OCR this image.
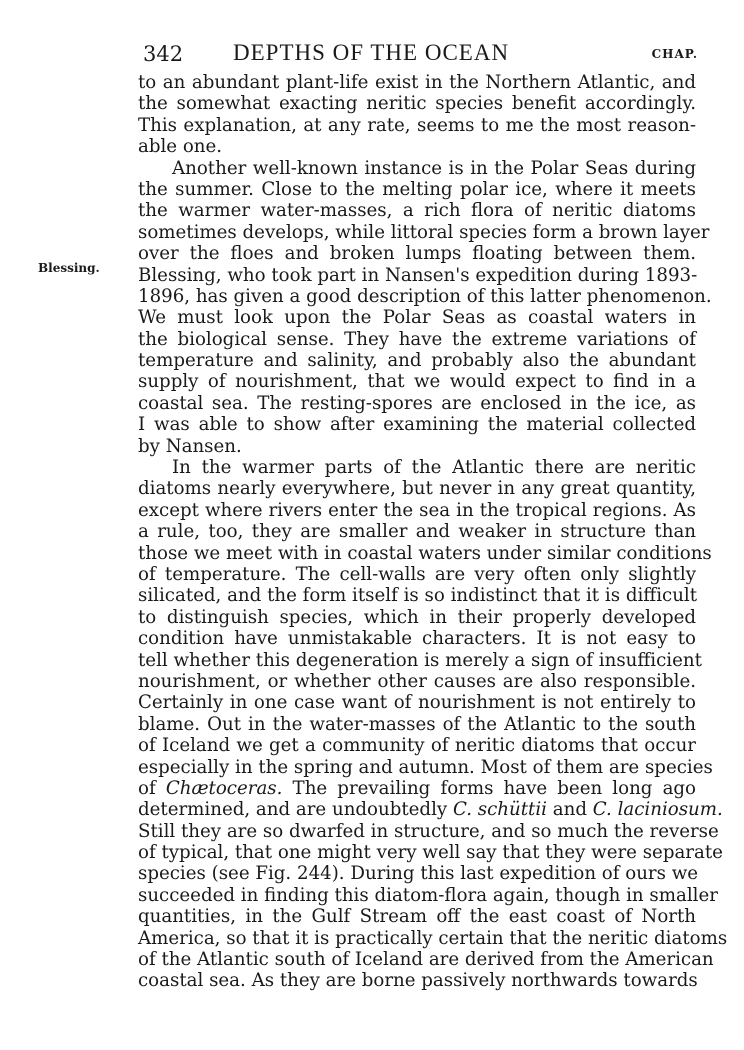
342 DEPTHS OF THE OCEAN	CHAP.
Blessing.
to an abundant plant-life exist in the Northern Atlantic, and
the somewhat exacting neritic species benefit accordingly.
This explanation, at any rate, seems to me the most reason-
able one.
Another well-known instance is in the Polar Seas during
the summer. Close to the melting polar ice, where it meets
the warmer water-masses, a rich flora of neritic diatoms
sometimes develops, while littoral species form a brown layer
over the floes and broken lumps floating between them.
Blessing, who took part in Nansen's expedition during 1893-
1896, has given a good description of this latter phenomenon.
We must look upon the Polar Seas as coastal waters in
the biological sense. They have the extreme variations of
temperature and salinity, and probably also the abundant
supply of nourishment, that we would expect to find in a
coastal sea. The resting-spores are enclosed in the ice, as
I was able to show after examining the material collected
by Nansen.
In the warmer parts of the Atlantic there are neritic
diatoms nearly everywhere, but never in any great quantity,
except where rivers enter the sea in the tropical regions. As
a rule, too, they are smaller and weaker in structure than
those we meet with in coastal waters under similar conditions
of temperature. The cell-walls are very often only slightly
silicated, and the form itself is so indistinct that it is difficult
to distinguish species, which in their properly developed
condition have unmistakable characters. It is not easy to
tell whether this degeneration is merely a sign of insufficient
nourishment, or whether other causes are also responsible.
Certainly in one case want of nourishment is not entirely to
blame. Out in the water-masses of the Atlantic to the south
of Iceland we get a community of neritic diatoms that occur
especially in the spring and autumn. Most of them are species
of Chætoceras. The prevailing forms have been long ago
determined, and are undoubtedly C. schüttii and C. laciniosum.
Still they are so dwarfed in structure, and so much the reverse
of typical, that one might very well say that they were separate
species (see Fig. 244). During this last expedition of ours we
succeeded in finding this diatom-flora again, though in smaller
quantities, in the Gulf Stream off the east coast of North
America, so that it is practically certain that the neritic diatoms
of the Atlantic south of Iceland are derived from the American
coastal sea. As they are borne passively northwards towards
